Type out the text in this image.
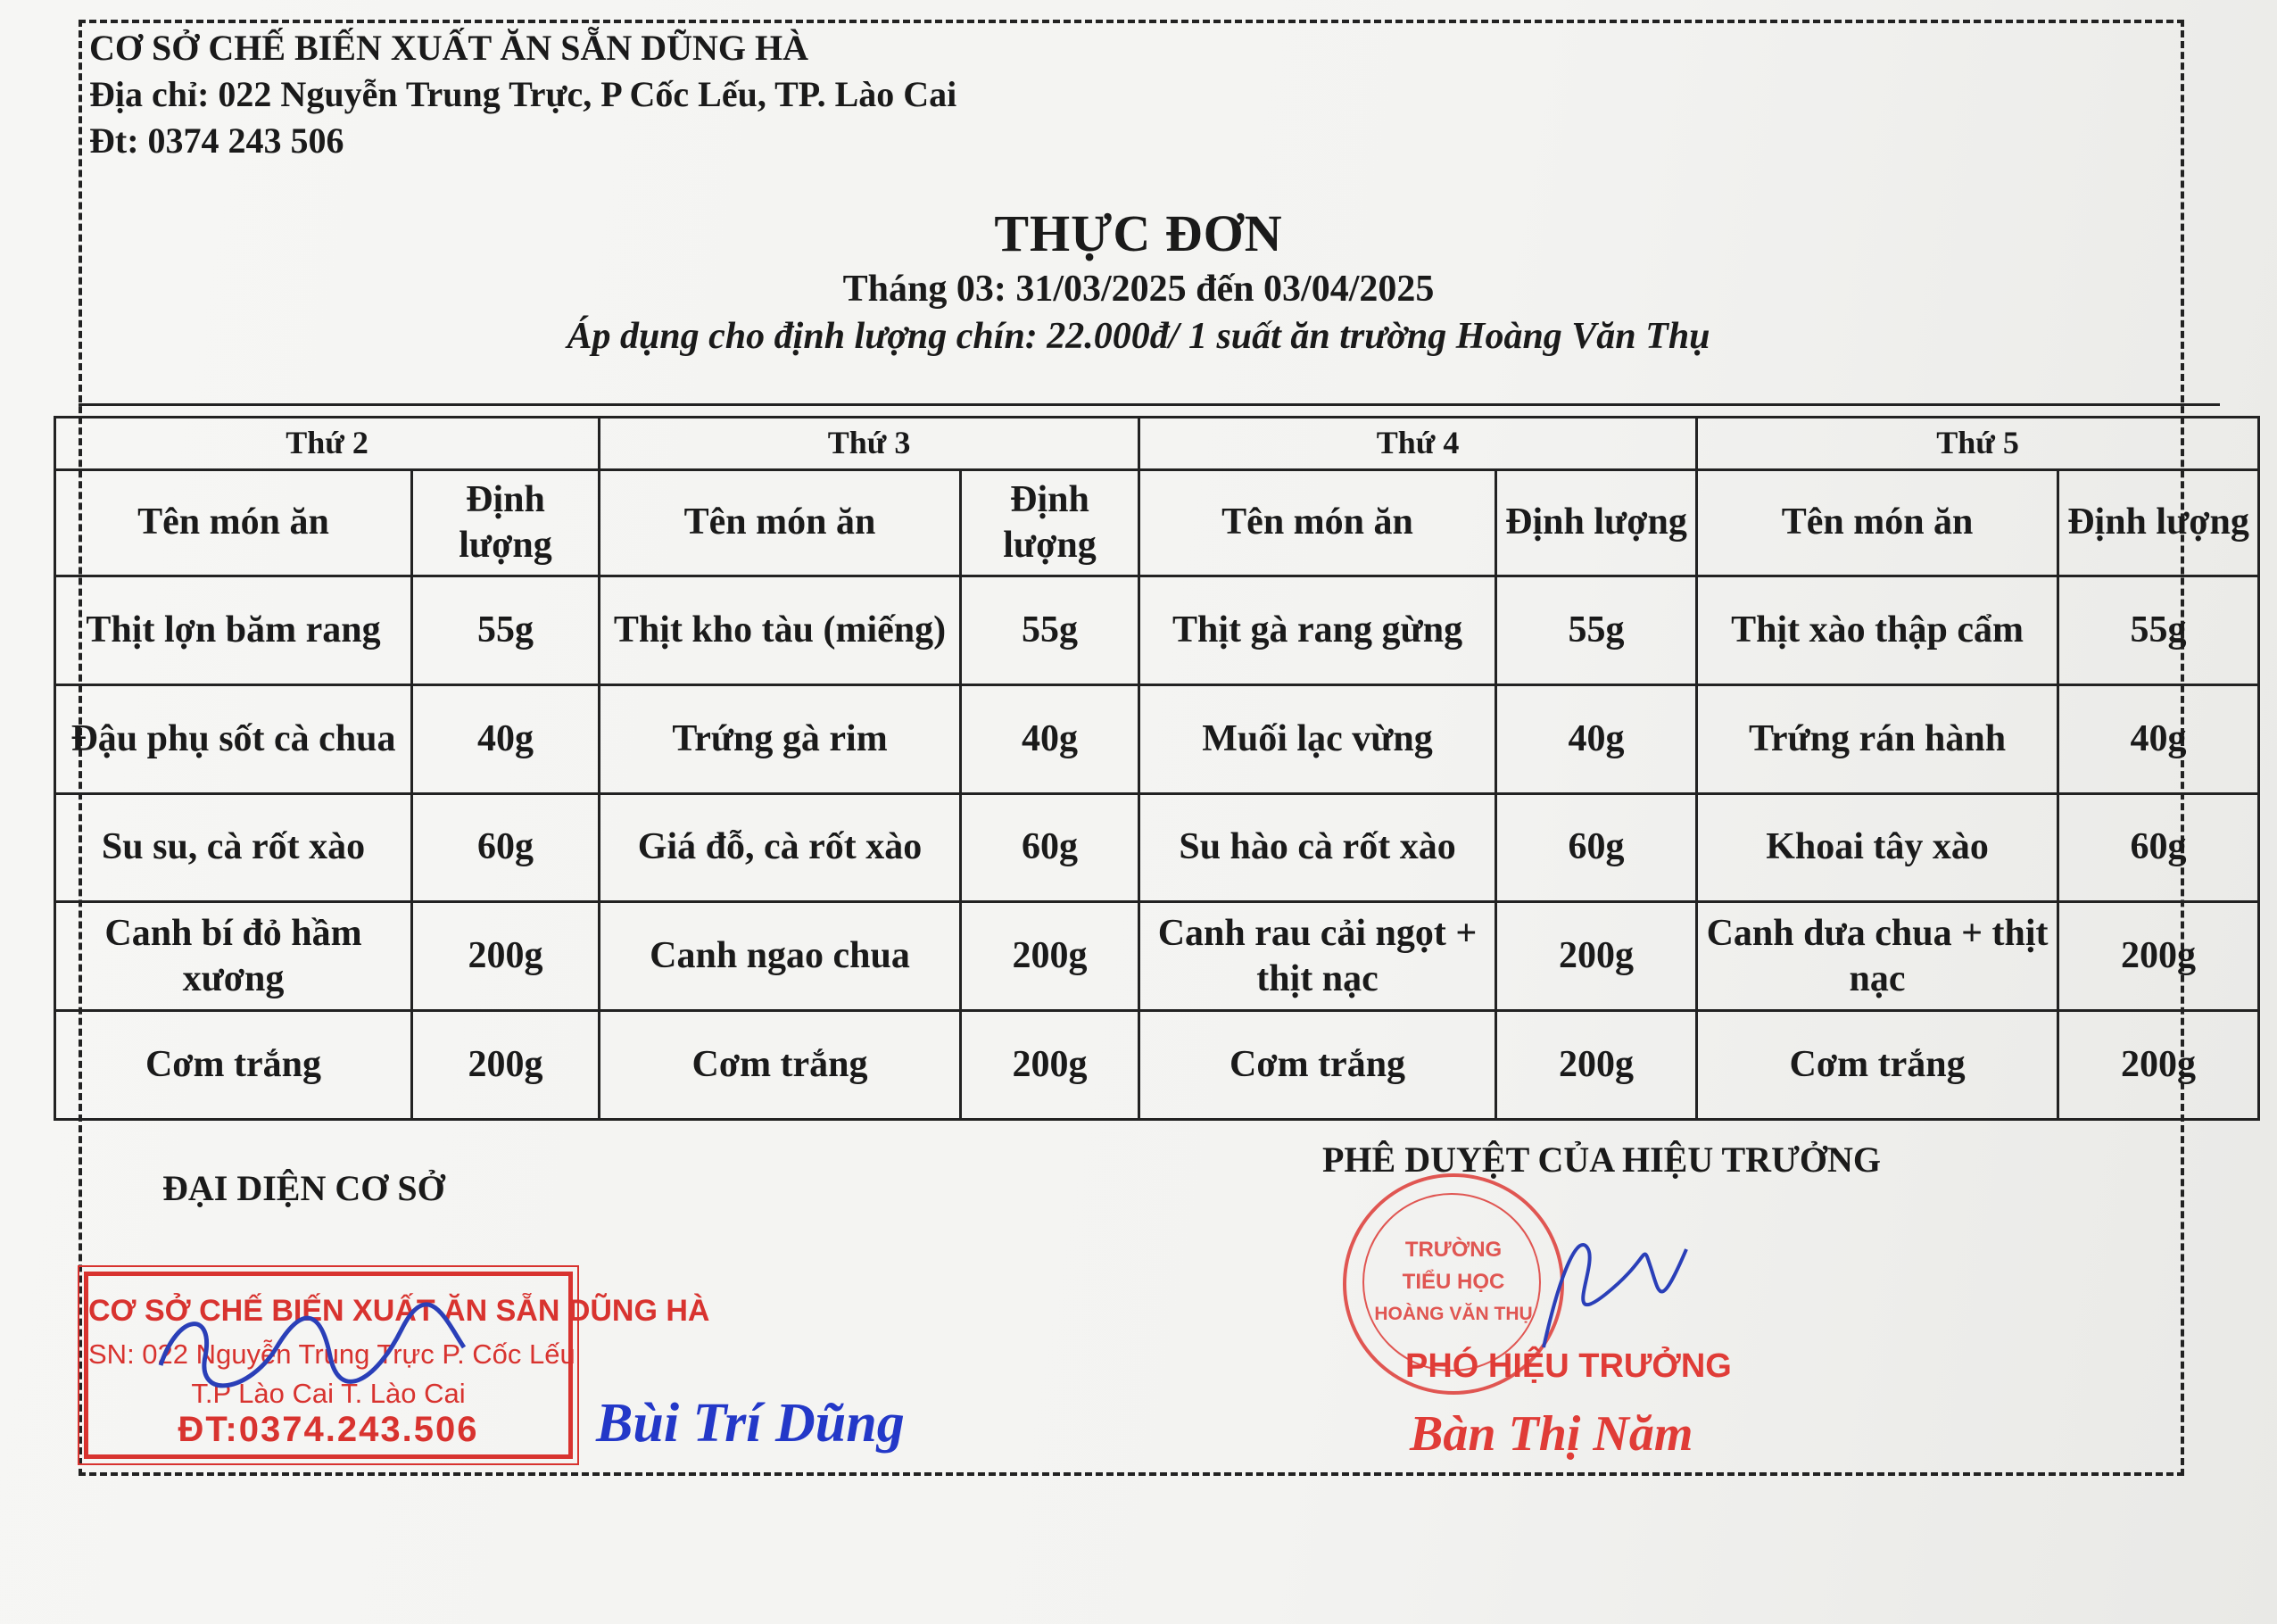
CƠ SỞ CHẾ BIẾN XUẤT ĂN SẴN DŨNG HÀ
Địa chỉ: 022 Nguyễn Trung Trực, P Cốc Lếu, TP. Lào Cai
Đt: 0374 243 506
THỰC ĐƠN
Tháng 03: 31/03/2025 đến 03/04/2025
Áp dụng cho định lượng chín: 22.000đ/ 1 suất ăn trường Hoàng Văn Thụ
Thứ 2		Thứ 3		Thứ 4		Thứ 5	
Tên món ăn	Định lượng	Tên món ăn	Định lượng	Tên món ăn	Định lượng	Tên món ăn	Định lượng
Thịt lợn băm rang	55g	Thịt kho tàu (miếng)	55g	Thịt gà rang gừng	55g	Thịt xào thập cẩm	55g
Đậu phụ sốt cà chua	40g	Trứng gà rim	40g	Muối lạc vừng	40g	Trứng rán hành	40g
Su su, cà rốt xào	60g	Giá đỗ, cà rốt xào	60g	Su hào cà rốt xào	60g	Khoai tây xào	60g
Canh bí đỏ hầm xương	200g	Canh ngao chua	200g	Canh rau cải ngọt + thịt nạc	200g	Canh dưa chua + thịt nạc	200g
Cơm trắng	200g	Cơm trắng	200g	Cơm trắng	200g	Cơm trắng	200g
ĐẠI DIỆN CƠ SỞ
PHÊ DUYỆT CỦA HIỆU TRƯỞNG
CƠ SỞ CHẾ BIẾN XUẤT ĂN SẴN DŨNG HÀ
SN: 022 Nguyễn Trung Trực P. Cốc Lếu
T.P Lào Cai T. Lào Cai
ĐT:0374.243.506	Bùi Trí Dũng
TRƯỜNG
TIỂU HỌC
HOÀNG VĂN THỤ
PHÓ HIỆU TRƯỞNG
Bàn Thị Năm
